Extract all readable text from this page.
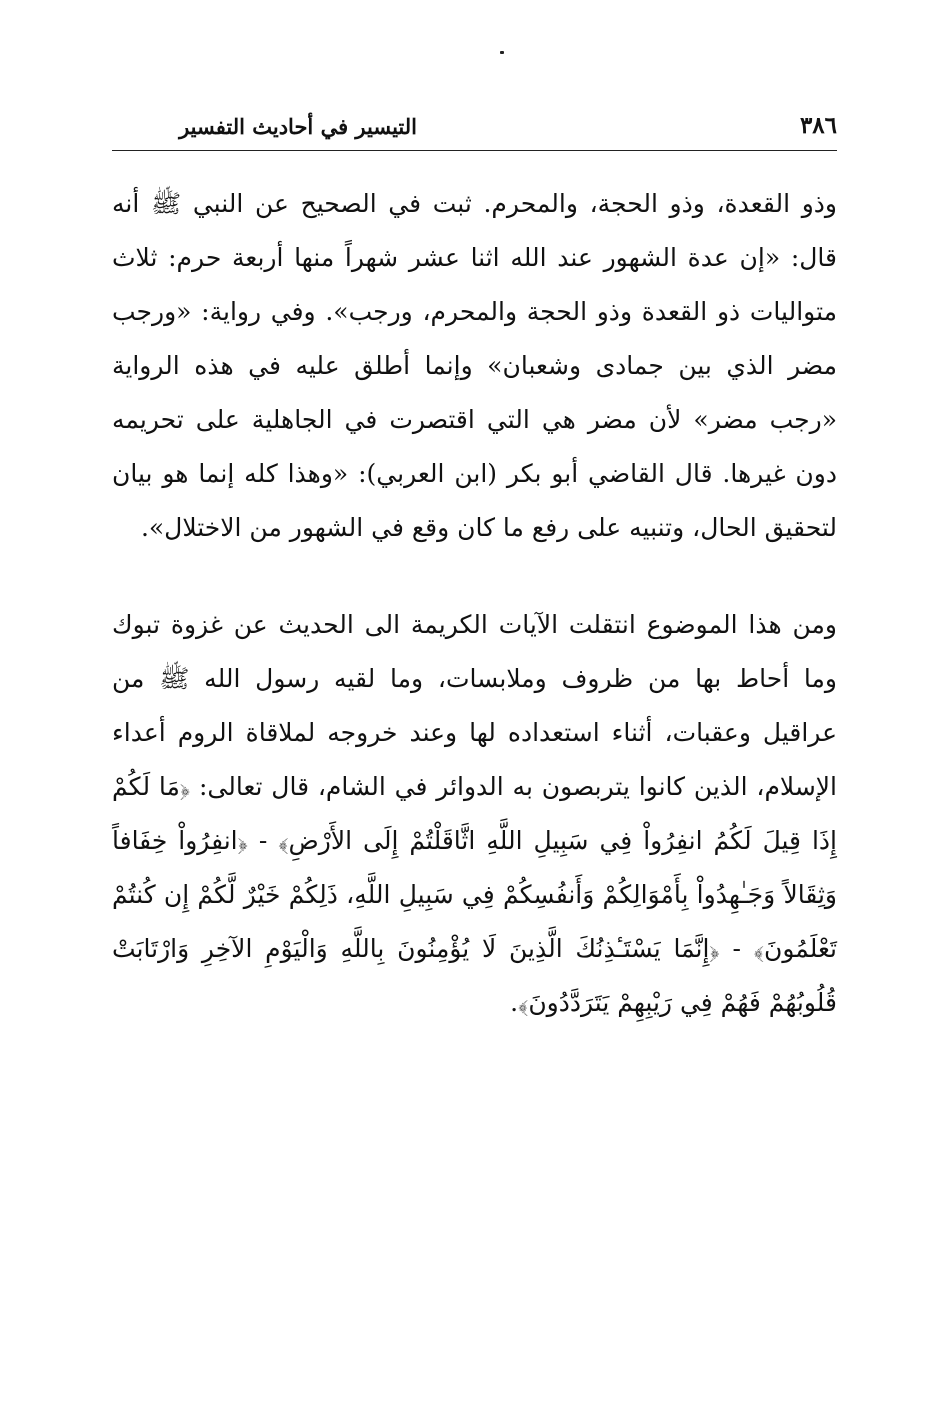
٣٨٦
التيسير في أحاديث التفسير

وذو القعدة، وذو الحجة، والمحرم. ثبت في الصحيح عن النبي ﷺ أنه قال: «إن عدة الشهور عند الله اثنا عشر شهراً منها أربعة حرم: ثلاث متواليات ذو القعدة وذو الحجة والمحرم، ورجب». وفي رواية: «ورجب مضر الذي بين جمادى وشعبان» وإنما أطلق عليه في هذه الرواية «رجب مضر» لأن مضر هي التي اقتصرت في الجاهلية على تحريمه دون غيرها. قال القاضي أبو بكر (ابن العربي): «وهذا كله إنما هو بيان لتحقيق الحال، وتنبيه على رفع ما كان وقع في الشهور من الاختلال».

ومن هذا الموضوع انتقلت الآيات الكريمة الى الحديث عن غزوة تبوك وما أحاط بها من ظروف وملابسات، وما لقيه رسول الله ﷺ من عراقيل وعقبات، أثناء استعداده لها وعند خروجه لملاقاة الروم أعداء الإسلام، الذين كانوا يتربصون به الدوائر في الشام، قال تعالى: ﴿مَا لَكُمْ إِذَا قِيلَ لَكُمُ انفِرُواْ فِي سَبِيلِ اللَّهِ اثَّاقَلْتُمْ إِلَى الأَرْضِ﴾ - ﴿انفِرُواْ خِفَافاً وَثِقَالاً وَجَـٰهِدُواْ بِأَمْوَالِكُمْ وَأَنفُسِكُمْ فِي سَبِيلِ اللَّهِ، ذَلِكُمْ خَيْرٌ لَّكُمْ إِن كُنتُمْ تَعْلَمُونَ﴾ - ﴿إِنَّمَا يَسْتَـٔذِنُكَ الَّذِينَ لَا يُؤْمِنُونَ بِاللَّهِ وَالْيَوْمِ الآخِرِ وَارْتَابَتْ قُلُوبُهُمْ فَهُمْ فِي رَيْبِهِمْ يَتَرَدَّدُونَ﴾.
